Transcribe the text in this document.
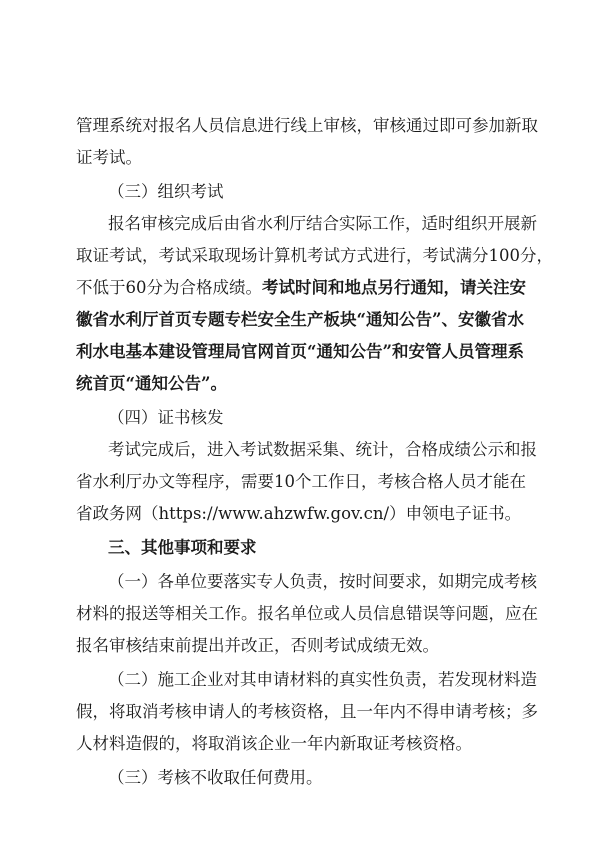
管理系统对报名人员信息进行线上审核，审核通过即可参加新取
证考试。
（三）组织考试
报名审核完成后由省水利厅结合实际工作，适时组织开展新
取证考试，考试采取现场计算机考试方式进行，考试满分100分，
不低于60分为合格成绩。考试时间和地点另行通知，请关注安
徽省水利厅首页专题专栏安全生产板块“通知公告”、安徽省水
利水电基本建设管理局官网首页“通知公告”和安管人员管理系
统首页“通知公告”。
（四）证书核发
考试完成后，进入考试数据采集、统计，合格成绩公示和报
省水利厅办文等程序，需要10个工作日，考核合格人员才能在
省政务网（https://www.ahzwfw.gov.cn/）申领电子证书。
三、其他事项和要求
（一）各单位要落实专人负责，按时间要求，如期完成考核
材料的报送等相关工作。报名单位或人员信息错误等问题，应在
报名审核结束前提出并改正，否则考试成绩无效。
（二）施工企业对其申请材料的真实性负责，若发现材料造
假，将取消考核申请人的考核资格，且一年内不得申请考核；多
人材料造假的，将取消该企业一年内新取证考核资格。
（三）考核不收取任何费用。
